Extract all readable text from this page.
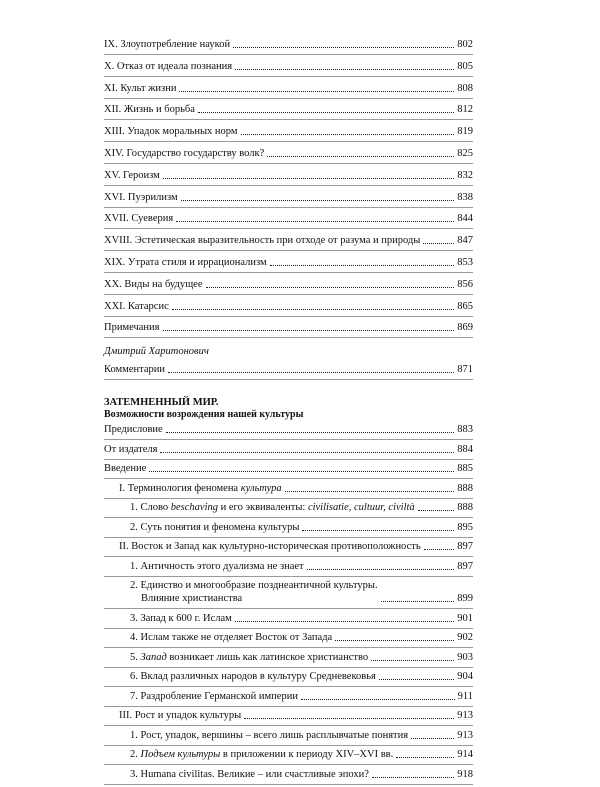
IX. Злоупотребление наукой	802
X. Отказ от идеала познания	805
XI. Культ жизни	808
XII. Жизнь и борьба	812
XIII. Упадок моральных норм	819
XIV. Государство государству волк?	825
XV. Героизм	832
XVI. Пуэрилизм	838
XVII. Суеверия	844
XVIII. Эстетическая выразительность при отходе от разума и природы	847
XIX. Утрата стиля и иррационализм	853
XX. Виды на будущее	856
XXI. Катарсис	865
Примечания	869
Дмитрий Харитонович
Комментарии	871
ЗАТЕМНЕННЫЙ МИР.
Возможности возрождения нашей культуры
Предисловие	883
От издателя	884
Введение	885
I. Терминология феномена культура	888
1. Слово beschaving и его эквиваленты: civilisatie, cultuur, civiltà	888
2. Суть понятия и феномена культуры	895
II. Восток и Запад как культурно-историческая противоположность	897
1. Античность этого дуализма не знает	897
2. Единство и многообразие позднеантичной культуры.
Влияние христианства	899
3. Запад к 600 г. Ислам	901
4. Ислам также не отделяет Восток от Запада	902
5. Запад возникает лишь как латинское христианство	903
6. Вклад различных народов в культуру Средневековья	904
7. Раздробление Германской империи	911
III. Рост и упадок культуры	913
1. Рост, упадок, вершины – всего лишь расплывчатые понятия	913
2. Подъем культуры в приложении к периоду XIV–XVI вв.	914
3. Humana civilitas. Великие – или счастливые эпохи?	918
